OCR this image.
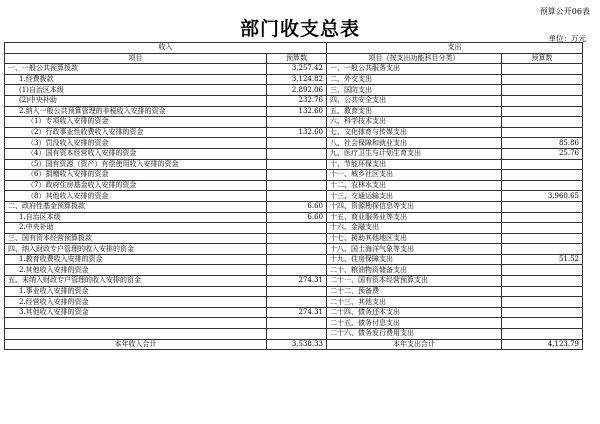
预算公开06表
部门收支总表	单位：万元
收入		支出	
项目	预算数	项目（按支出功能科目分类）	预算数
一、一般公共预算拨款	3,257.42	一、一般公共服务支出	
1.经费拨款	3,124.82	二、外交支出	
(1)自治区本级	2,892.06	三、国防支出	
(2)中央补助	232.76	四、公共安全支出	
2.纳入一般公共预算管理的非税收入安排的资金	132.60	五、教育支出	
（1）专项收入安排的资金		六、科学技术支出	
（2）行政事业性收费收入安排的资金	132.60	七、文化体育与传媒支出	
（3）罚没收入安排的资金		八、社会保障和就业支出	85.86
（4）国有资本经营收入安排的资金		九、医疗卫生与计划生育支出	25.76
（5）国有资源（资产）有偿使用收入安排的资金		十、节能环保支出	
（6）捐赠收入安排的资金		十一、城乡社区支出	
（7）政府住房基金收入安排的资金		十二、农林水支出	
（8）其他收入安排的资金		十三、交通运输支出	3,960.65
二、政府性基金预算拨款	6.60	十四、资源勘探信息等支出	
1.自治区本级	6.60	十五、商业服务业等支出	
2.中央补助		十六、金融支出	
三、国有资本经营预算拨款		十七、援助其他地区支出	
四、纳入财政专户管理的收入安排的资金		十八、国土海洋气象等支出	
1.教育收费收入安排的资金		十九、住房保障支出	51.52
2.其他收入安排的资金		二十、粮油物资储备支出	
五、未纳入财政专户管理的收入安排的资金	274.31	二十一、国有资本经营预算支出	
1.事业收入安排的资金		二十二、预备费	
2.经营收入安排的资金		二十三、其他支出	
3.其他收入安排的资金	274.31	二十四、债务还本支出	
		二十五、债务付息支出	
		二十六、债务发行费用支出	
本年收入合计	3,538.33	本年支出合计	4,123.79
